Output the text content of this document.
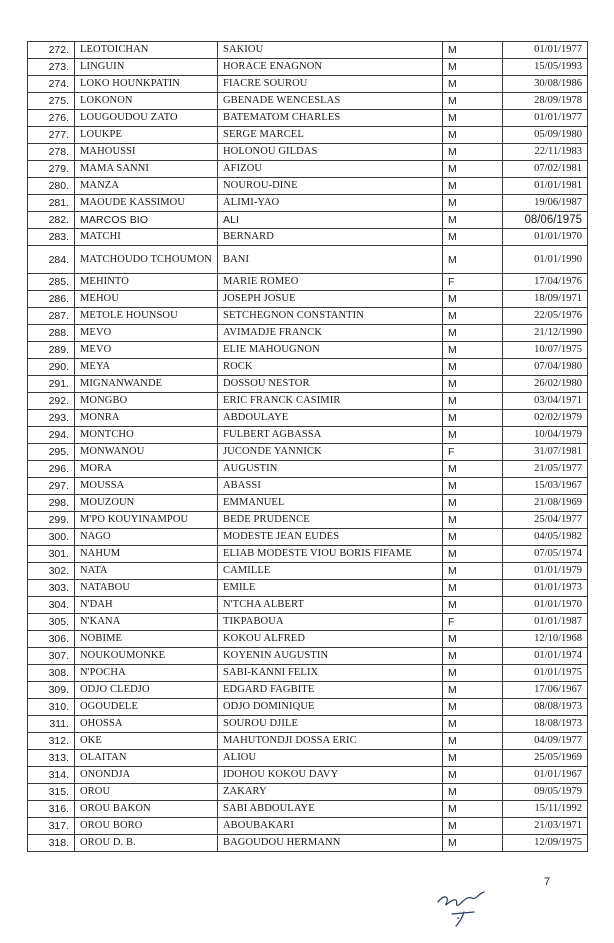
272.	LEOTOICHAN	SAKIOU	M	01/01/1977
273.	LINGUIN	HORACE ENAGNON	M	15/05/1993
274.	LOKO HOUNKPATIN	FIACRE SOUROU	M	30/08/1986
275.	LOKONON	GBENADE WENCESLAS	M	28/09/1978
276.	LOUGOUDOU ZATO	BATEMATOM CHARLES	M	01/01/1977
277.	LOUKPE	SERGE MARCEL	M	05/09/1980
278.	MAHOUSSI	HOLONOU GILDAS	M	22/11/1983
279.	MAMA SANNI	AFIZOU	M	07/02/1981
280.	MANZA	NOUROU-DINE	M	01/01/1981
281.	MAOUDE KASSIMOU	ALIMI-YAO	M	19/06/1987
282.	MARCOS BIO	ALI	M	08/06/1975
283.	MATCHI	BERNARD	M	01/01/1970
284.	MATCHOUDO TCHOUMON	BANI	M	01/01/1990
285.	MEHINTO	MARIE ROMEO	F	17/04/1976
286.	MEHOU	JOSEPH JOSUE	M	18/09/1971
287.	METOLE HOUNSOU	SETCHEGNON CONSTANTIN	M	22/05/1976
288.	MEVO	AVIMADJE FRANCK	M	21/12/1990
289.	MEVO	ELIE MAHOUGNON	M	10/07/1975
290.	MEYA	ROCK	M	07/04/1980
291.	MIGNANWANDE	DOSSOU NESTOR	M	26/02/1980
292.	MONGBO	ERIC FRANCK CASIMIR	M	03/04/1971
293.	MONRA	ABDOULAYE	M	02/02/1979
294.	MONTCHO	FULBERT AGBASSA	M	10/04/1979
295.	MONWANOU	JUCONDE YANNICK	F	31/07/1981
296.	MORA	AUGUSTIN	M	21/05/1977
297.	MOUSSA	ABASSI	M	15/03/1967
298.	MOUZOUN	EMMANUEL	M	21/08/1969
299.	M'PO KOUYINAMPOU	BEDE PRUDENCE	M	25/04/1977
300.	NAGO	MODESTE JEAN EUDES	M	04/05/1982
301.	NAHUM	ELIAB MODESTE VIOU BORIS FIFAME	M	07/05/1974
302.	NATA	CAMILLE	M	01/01/1979
303.	NATABOU	EMILE	M	01/01/1973
304.	N'DAH	N'TCHA ALBERT	M	01/01/1970
305.	N'KANA	TIKPABOUA	F	01/01/1987
306.	NOBIME	KOKOU ALFRED	M	12/10/1968
307.	NOUKOUMONKE	KOYENIN AUGUSTIN	M	01/01/1974
308.	N'POCHA	SABI-KANNI FELIX	M	01/01/1975
309.	ODJO CLEDJO	EDGARD FAGBITE	M	17/06/1967
310.	OGOUDELE	ODJO DOMINIQUE	M	08/08/1973
311.	OHOSSA	SOUROU DJILE	M	18/08/1973
312.	OKE	MAHUTONDJI DOSSA ERIC	M	04/09/1977
313.	OLAITAN	ALIOU	M	25/05/1969
314.	ONONDJA	IDOHOU KOKOU DAVY	M	01/01/1967
315.	OROU	ZAKARY	M	09/05/1979
316.	OROU BAKON	SABI ABDOULAYE	M	15/11/1992
317.	OROU BORO	ABOUBAKARI	M	21/03/1971
318.	OROU D. B.	BAGOUDOU HERMANN	M	12/09/1975
7
